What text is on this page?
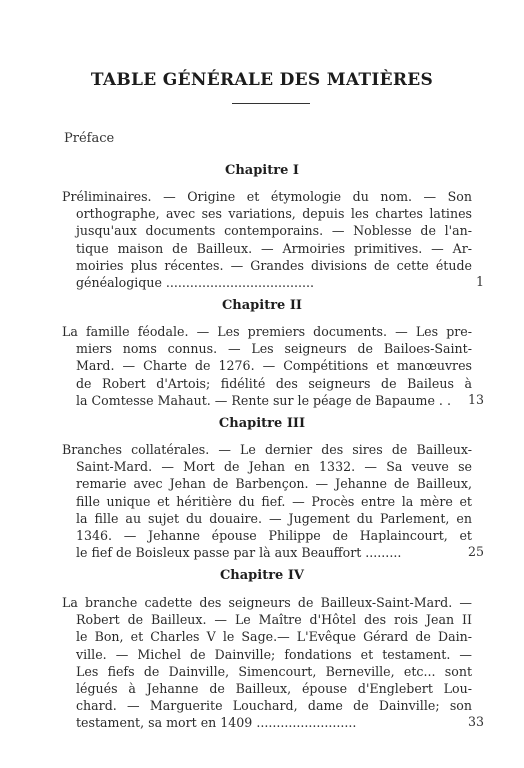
TABLE GÉNÉRALE DES MATIÈRES
Préface
Chapitre I
Préliminaires. — Origine et étymologie du nom. — Son
orthographe, avec ses variations, depuis les chartes latines
jusqu'aux documents contemporains. — Noblesse de l'an-
tique maison de Bailleux. — Armoiries primitives. — Ar-
moiries plus récentes. — Grandes divisions de cette étude
généalogique .....................................	1
Chapitre II
La famille féodale. — Les premiers documents. — Les pre-
miers noms connus. — Les seigneurs de Bailoes-Saint-
Mard. — Charte de 1276. — Compétitions et manœuvres
de Robert d'Artois; fidélité des seigneurs de Baileus à
la Comtesse Mahaut. — Rente sur le péage de Bapaume . .	13
Chapitre III
Branches collatérales. — Le dernier des sires de Bailleux-
Saint-Mard. — Mort de Jehan en 1332. — Sa veuve se
remarie avec Jehan de Barbençon. — Jehanne de Bailleux,
fille unique et héritière du fief. — Procès entre la mère et
la fille au sujet du douaire. — Jugement du Parlement, en
1346. — Jehanne épouse Philippe de Haplaincourt, et
le fief de Boisleux passe par là aux Beauffort .........	25
Chapitre IV
La branche cadette des seigneurs de Bailleux-Saint-Mard. —
Robert de Bailleux. — Le Maître d'Hôtel des rois Jean II
le Bon, et Charles V le Sage.— L'Evêque Gérard de Dain-
ville. — Michel de Dainville; fondations et testament. —
Les fiefs de Dainville, Simencourt, Berneville, etc... sont
légués à Jehanne de Bailleux, épouse d'Englebert Lou-
chard. — Marguerite Louchard, dame de Dainville; son
testament, sa mort en 1409 .........................	33
